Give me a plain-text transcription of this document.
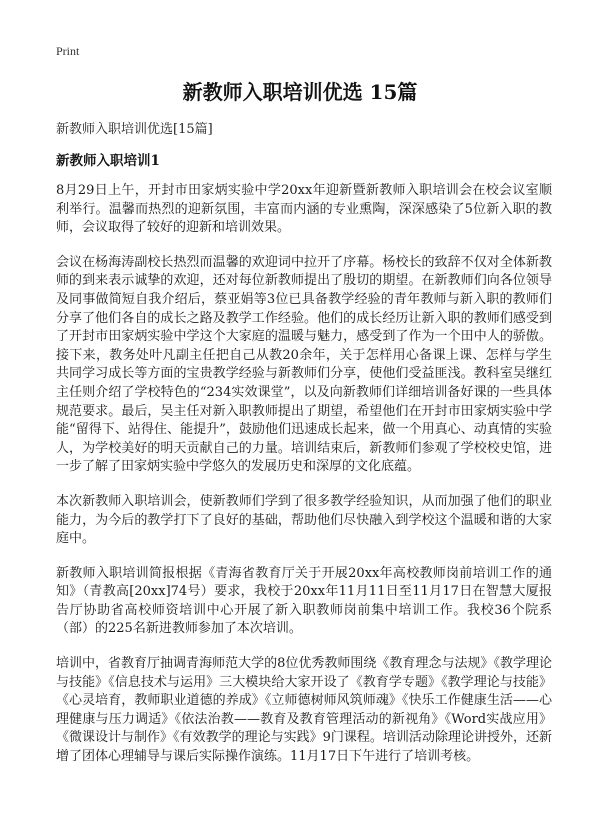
Print
新教师入职培训优选 15篇
新教师入职培训优选[15篇]
新教师入职培训1

8月29日上午，开封市田家炳实验中学20xx年迎新暨新教师入职培训会在校会议室顺利举行。温馨而热烈的迎新氛围，丰富而内涵的专业熏陶，深深感染了5位新入职的教师，会议取得了较好的迎新和培训效果。

会议在杨海涛副校长热烈而温馨的欢迎词中拉开了序幕。杨校长的致辞不仅对全体新教师的到来表示诚挚的欢迎，还对每位新教师提出了殷切的期望。在新教师们向各位领导及同事做简短自我介绍后，蔡亚娟等3位已具备教学经验的青年教师与新入职的教师们分享了他们各自的成长之路及教学工作经验。他们的成长经历让新入职的教师们感受到了开封市田家炳实验中学这个大家庭的温暖与魅力，感受到了作为一个田中人的骄傲。接下来，教务处叶凡副主任把自己从教20余年，关于怎样用心备课上课、怎样与学生共同学习成长等方面的宝贵教学经验与新教师们分享，使他们受益匪浅。教科室吴继红主任则介绍了学校特色的“234实效课堂”，以及向新教师们详细培训备好课的一些具体规范要求。最后，吴主任对新入职教师提出了期望，希望他们在开封市田家炳实验中学能“留得下、站得住、能提升”，鼓励他们迅速成长起来，做一个用真心、动真情的实验人，为学校美好的明天贡献自己的力量。培训结束后，新教师们参观了学校校史馆，进一步了解了田家炳实验中学悠久的发展历史和深厚的文化底蕴。

本次新教师入职培训会，使新教师们学到了很多教学经验知识，从而加强了他们的职业能力，为今后的教学打下了良好的基础，帮助他们尽快融入到学校这个温暖和谐的大家庭中。

新教师入职培训简报根据《青海省教育厅关于开展20xx年高校教师岗前培训工作的通知》（青教高[20xx]74号）要求，我校于20xx年11月11日至11月17日在智慧大厦报告厅协助省高校师资培训中心开展了新入职教师岗前集中培训工作。我校36个院系（部）的225名新进教师参加了本次培训。

培训中，省教育厅抽调青海师范大学的8位优秀教师围绕《教育理念与法规》《教学理论与技能》《信息技术与运用》三大模块给大家开设了《教育学专题》《教学理论与技能》《心灵培育，教师职业道德的养成》《立师德树师风筑师魂》《快乐工作健康生活——心理健康与压力调适》《依法治教——教育及教育管理活动的新视角》《Word实战应用》《微课设计与制作》《有效教学的理论与实践》9门课程。培训活动除理论讲授外，还新增了团体心理辅导与课后实际操作演练。11月17日下午进行了培训考核。
